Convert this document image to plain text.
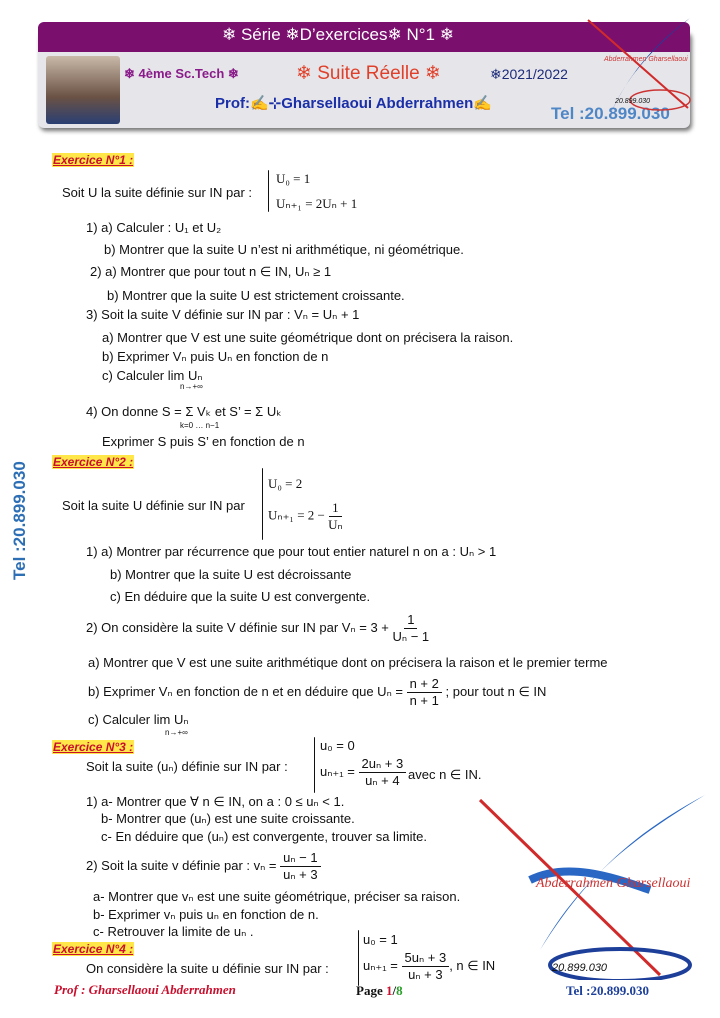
❄ Série ❄D’exercices❄ N°1 ❄
❄ 4ème Sc.Tech ❄	❄ Suite Réelle ❄	❄2021/2022
Prof:✍⊹Gharsellaoui Abderrahmen✍
Tel :20.899.030
Abderrahmen Gharsellaoui
20.899.030
Tel :20.899.030
Exercice N°1 :
Soit U la suite définie sur IN par :
U₀ = 1
Uₙ₊₁ = 2Uₙ + 1
1) a) Calculer : U₁ et U₂
b) Montrer que la suite U n’est ni arithmétique, ni géométrique.
2) a) Montrer que pour tout n ∈ IN, Uₙ ≥ 1
b) Montrer que la suite U est strictement croissante.
3) Soit la suite V définie sur IN par : Vₙ = Uₙ + 1
a) Montrer que V est une suite géométrique dont on précisera la raison.
b) Exprimer Vₙ puis Uₙ en fonction de n
c) Calculer lim Uₙ
n→+∞
4) On donne S = Σ Vₖ et S’ = Σ Uₖ
k=0 … n−1
Exprimer S puis S’ en fonction de n
Exercice N°2 :
Soit la suite U définie sur IN par
U₀ = 2
$U_{n+1} = 2 - \frac{1}{\text{Uₙ}}$
1) a) Montrer par récurrence que pour tout entier naturel n on a : Uₙ > 1
b) Montrer que la suite U est décroissante
c) En déduire que la suite U est convergente.
2) On considère la suite V définie sur IN par $V_n = 3 + \frac{1}{\text{Uₙ − 1}}$
a) Montrer que V est une suite arithmétique dont on précisera la raison et le premier terme
b) Exprimer Vₙ en fonction de n et en déduire que $U_n = \frac{n + 2}{n + 1}$ ; pour tout n ∈ IN
c) Calculer lim Uₙ
n→+∞
Exercice N°3 :
Soit la suite (uₙ) définie sur IN par :
u₀ = 0
$u_{n+1} = \frac{\text{2uₙ + 3}}{\text{uₙ + 4}}$ avec n ∈ IN.
1) a- Montrer que ∀ n ∈ IN, on a : 0 ≤ uₙ < 1.
b- Montrer que (uₙ) est une suite croissante.
c- En déduire que (uₙ) est convergente, trouver sa limite.
2) Soit la suite v définie par : $v_n = \frac{\text{uₙ − 1}}{\text{uₙ + 3}}$
a- Montrer que vₙ est une suite géométrique, préciser sa raison.
b- Exprimer vₙ puis uₙ en fonction de n.
c- Retrouver la limite de uₙ .
Exercice N°4 :
On considère la suite u définie sur IN par :
u₀ = 1
$u_{n+1} = \frac{\text{5uₙ + 3}}{\text{uₙ + 3}}$ , n ∈ IN
Prof : Gharsellaoui Abderrahmen	Page 1/8	Tel :20.899.030
Abderrahmen Gharsellaoui
20.899.030
